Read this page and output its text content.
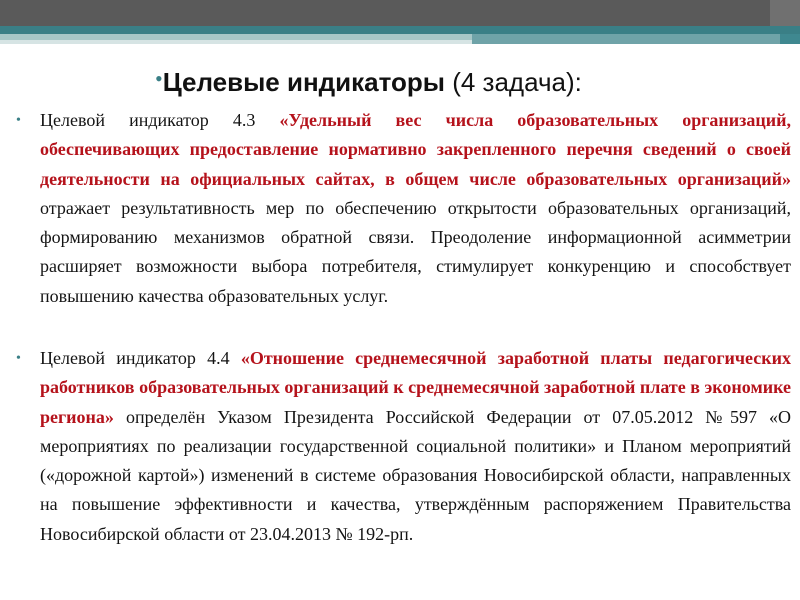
•Целевые индикаторы (4 задача):
• Целевой индикатор 4.3 «Удельный вес числа образовательных организаций, обеспечивающих предоставление нормативно закрепленного перечня сведений о своей деятельности на официальных сайтах, в общем числе образовательных организаций» отражает результативность мер по обеспечению открытости образовательных организаций, формированию механизмов обратной связи. Преодоление информационной асимметрии расширяет возможности выбора потребителя, стимулирует конкуренцию и способствует повышению качества образовательных услуг.
• Целевой индикатор 4.4 «Отношение среднемесячной заработной платы педагогических работников образовательных организаций к среднемесячной заработной плате в экономике региона» определён Указом Президента Российской Федерации от 07.05.2012 №597 «О мероприятиях по реализации государственной социальной политики» и Планом мероприятий («дорожной картой») изменений в системе образования Новосибирской области, направленных на повышение эффективности и качества, утверждённым распоряжением Правительства Новосибирской области от 23.04.2013 № 192-рп.
